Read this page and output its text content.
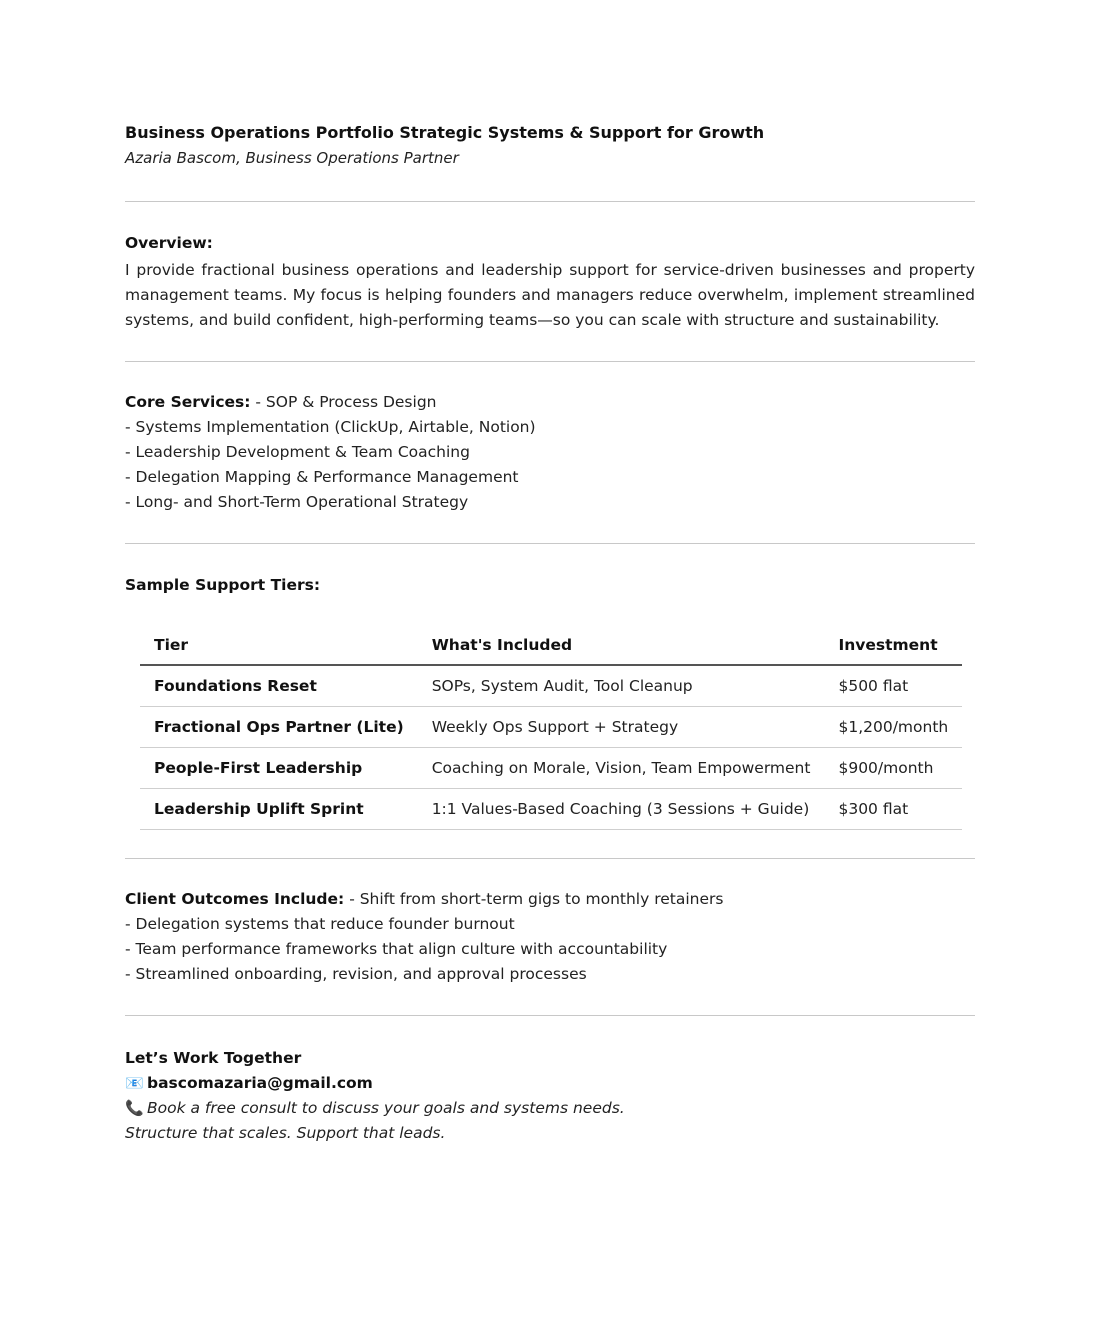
Business Operations Portfolio Strategic Systems & Support for Growth
Azaria Bascom, Business Operations Partner
Overview:
I provide fractional business operations and leadership support for service-driven businesses and property management teams. My focus is helping founders and managers reduce overwhelm, implement streamlined systems, and build confident, high-performing teams—so you can scale with structure and sustainability.
Core Services: - SOP & Process Design
- Systems Implementation (ClickUp, Airtable, Notion)
- Leadership Development & Team Coaching
- Delegation Mapping & Performance Management
- Long- and Short-Term Operational Strategy
Sample Support Tiers:
Tier	What's Included	Investment
Foundations Reset	SOPs, System Audit, Tool Cleanup	$500 flat
Fractional Ops Partner (Lite)	Weekly Ops Support + Strategy	$1,200/month
People-First Leadership	Coaching on Morale, Vision, Team Empowerment	$900/month
Leadership Uplift Sprint	1:1 Values-Based Coaching (3 Sessions + Guide)	$300 flat
Client Outcomes Include: - Shift from short-term gigs to monthly retainers
- Delegation systems that reduce founder burnout
- Team performance frameworks that align culture with accountability
- Streamlined onboarding, revision, and approval processes
Let’s Work Together
📧 bascomazaria@gmail.com
📞 Book a free consult to discuss your goals and systems needs.
Structure that scales. Support that leads.
